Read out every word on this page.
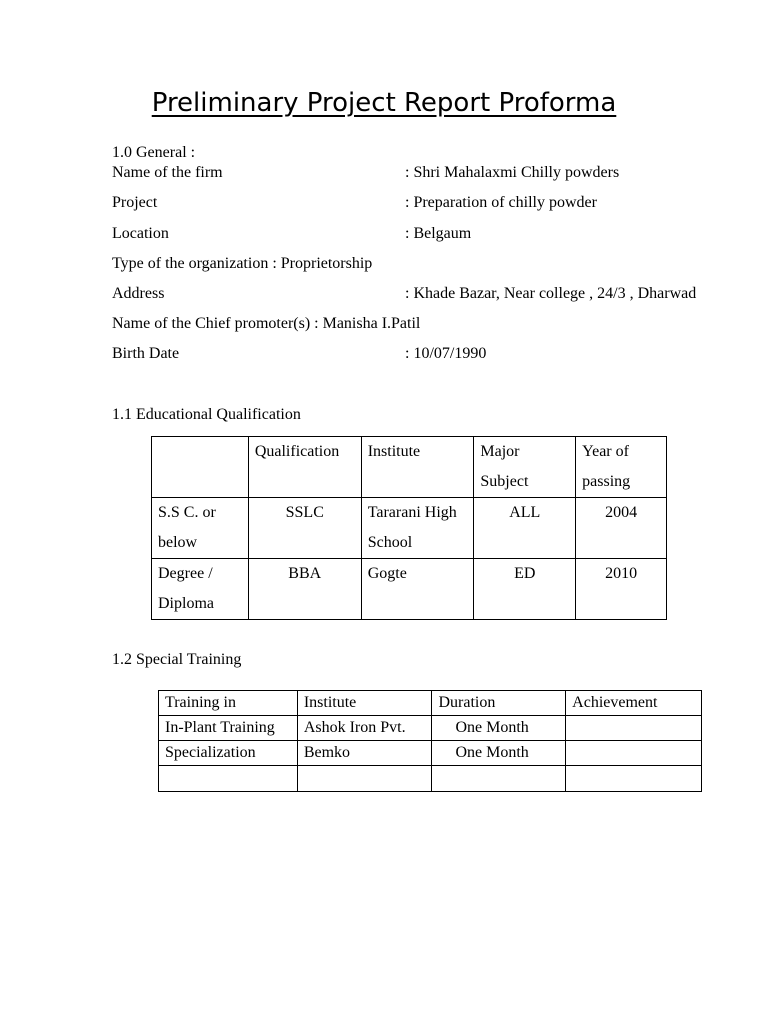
Preliminary Project Report Proforma
1.0 General :
Name of the firm	: Shri Mahalaxmi Chilly powders
Project	: Preparation of chilly powder
Location	: Belgaum
Type of the organization : Proprietorship
Address	: Khade Bazar, Near college , 24/3 , Dharwad
Name of the Chief promoter(s) : Manisha I.Patil
Birth Date	: 10/07/1990
1.1 Educational Qualification
	Qualification	Institute	Major Subject	Year of passing
S.S C. or below	SSLC	Tararani High School	ALL	2004
Degree / Diploma	BBA	Gogte	ED	2010
1.2 Special Training
Training in	Institute	Duration	Achievement
In-Plant Training	Ashok Iron Pvt.	One Month	
Specialization	Bemko	One Month	
